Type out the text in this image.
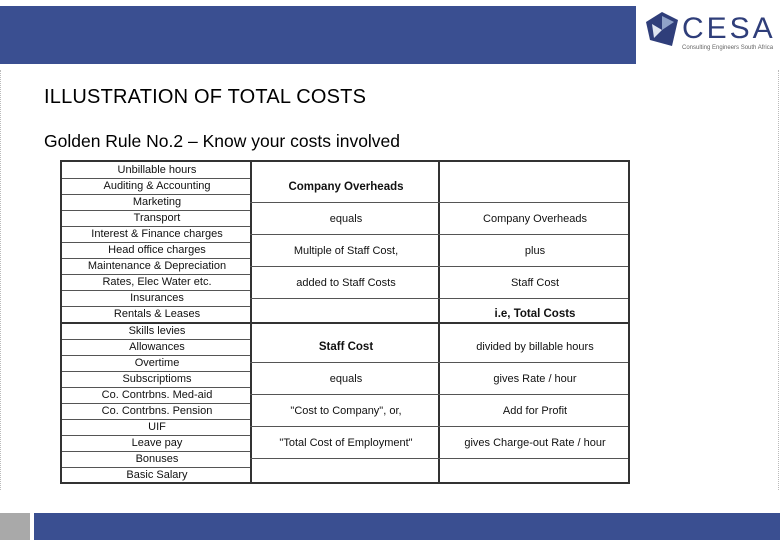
CESA
Consulting Engineers South Africa
ILLUSTRATION OF TOTAL COSTS
Golden Rule No.2 – Know your costs involved
Unbillable hours
Auditing & Accounting
Marketing
Transport
Interest & Finance charges
Head office charges
Maintenance & Depreciation
Rates, Elec Water etc.
Insurances
Rentals & Leases
Skills levies
Allowances
Overtime
Subscriptioms
Co. Contrbns. Med-aid
Co. Contrbns. Pension
UIF
Leave pay
Bonuses
Basic Salary
Company Overheads
equals
Multiple of Staff Cost,
added to Staff Costs
Staff Cost
equals
"Cost to Company", or,
"Total Cost of Employment"
Company Overheads
plus
Staff Cost
i.e, Total Costs
divided by billable hours
gives Rate / hour
Add for Profit
gives Charge-out Rate / hour
